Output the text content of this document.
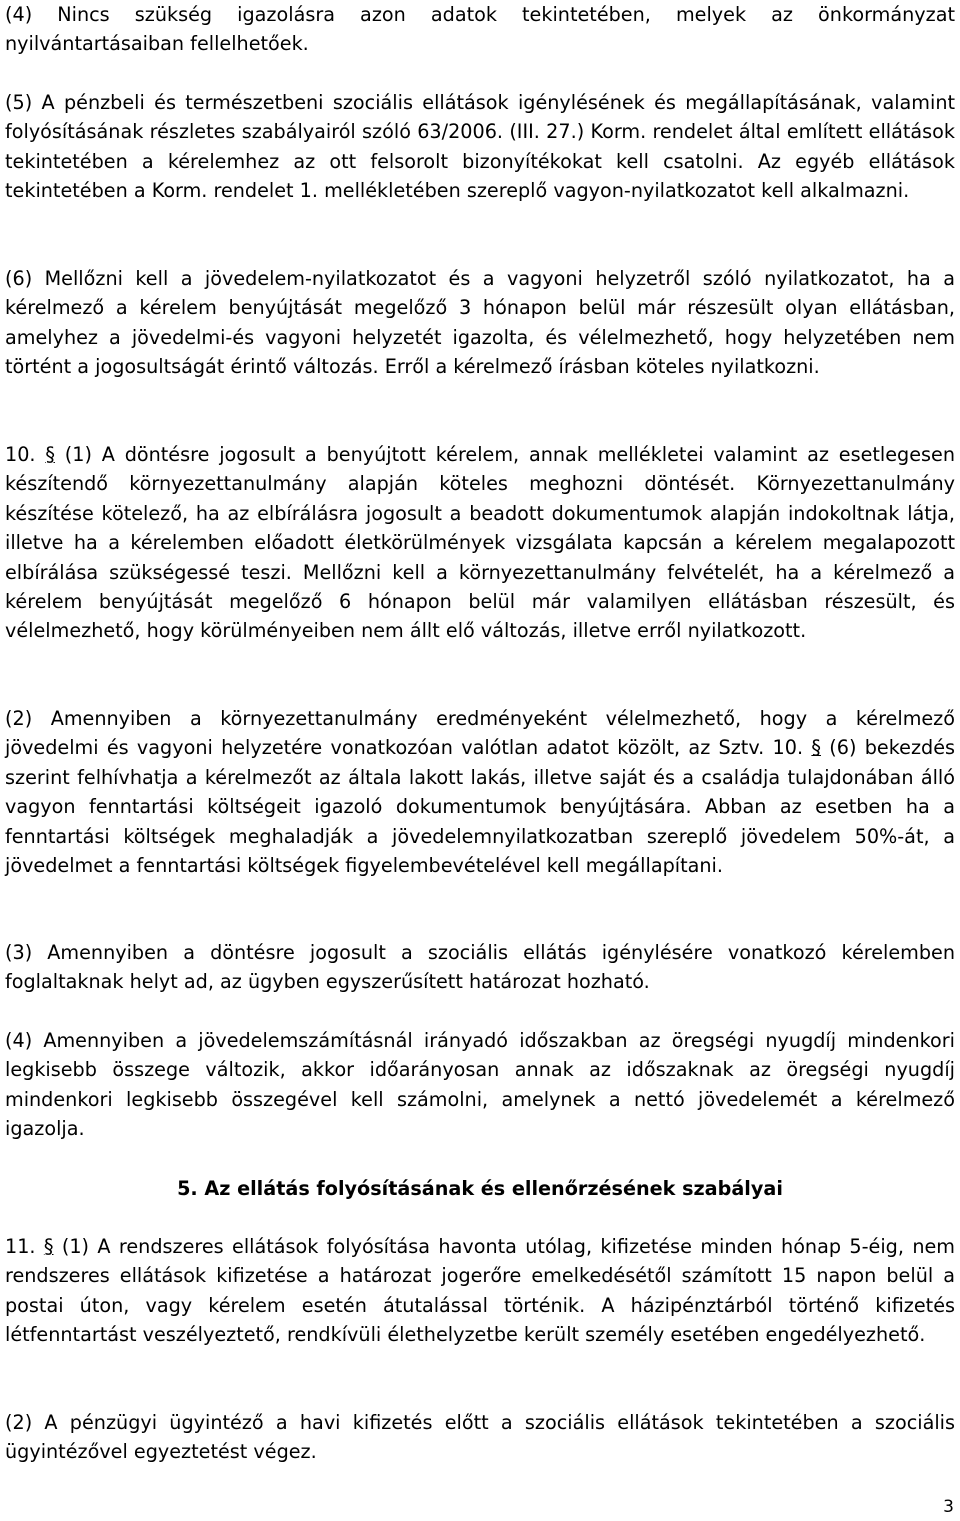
(4) Nincs szükség igazolásra azon adatok tekintetében, melyek az önkormányzat nyilvántartásaiban fellelhetőek.

(5) A pénzbeli és természetbeni szociális ellátások igénylésének és megállapításának, valamint folyósításának részletes szabályairól szóló 63/2006. (III. 27.) Korm. rendelet által említett ellátások tekintetében a kérelemhez az ott felsorolt bizonyítékokat kell csatolni. Az egyéb ellátások tekintetében a Korm. rendelet 1. mellékletében szereplő vagyon-nyilatkozatot kell alkalmazni.

(6) Mellőzni kell a jövedelem-nyilatkozatot és a vagyoni helyzetről szóló nyilatkozatot, ha a kérelmező a kérelem benyújtását megelőző 3 hónapon belül már részesült olyan ellátásban, amelyhez a jövedelmi-és vagyoni helyzetét igazolta, és vélelmezhető, hogy helyzetében nem történt a jogosultságát érintő változás. Erről a kérelmező írásban köteles nyilatkozni.

10. § (1) A döntésre jogosult a benyújtott kérelem, annak mellékletei valamint az esetlegesen készítendő környezettanulmány alapján köteles meghozni döntését. Környezettanulmány készítése kötelező, ha az elbírálásra jogosult a beadott dokumentumok alapján indokoltnak látja, illetve ha a kérelemben előadott életkörülmények vizsgálata kapcsán a kérelem megalapozott elbírálása szükségessé teszi. Mellőzni kell a környezettanulmány felvételét, ha a kérelmező a kérelem benyújtását megelőző 6 hónapon belül már valamilyen ellátásban részesült, és vélelmezhető, hogy körülményeiben nem állt elő változás, illetve erről nyilatkozott.

(2) Amennyiben a környezettanulmány eredményeként vélelmezhető, hogy a kérelmező jövedelmi és vagyoni helyzetére vonatkozóan valótlan adatot közölt, az Sztv. 10. § (6) bekezdés szerint felhívhatja a kérelmezőt az általa lakott lakás, illetve saját és a családja tulajdonában álló vagyon fenntartási költségeit igazoló dokumentumok benyújtására. Abban az esetben ha a fenntartási költségek meghaladják a jövedelemnyilatkozatban szereplő jövedelem 50%-át, a jövedelmet a fenntartási költségek figyelembevételével kell megállapítani.

(3) Amennyiben a döntésre jogosult a szociális ellátás igénylésére vonatkozó kérelemben foglaltaknak helyt ad, az ügyben egyszerűsített határozat hozható.

(4) Amennyiben a jövedelemszámításnál irányadó időszakban az öregségi nyugdíj mindenkori legkisebb összege változik, akkor időarányosan annak az időszaknak az öregségi nyugdíj mindenkori legkisebb összegével kell számolni, amelynek a nettó jövedelemét a kérelmező igazolja.

5. Az ellátás folyósításának és ellenőrzésének szabályai

11. § (1) A rendszeres ellátások folyósítása havonta utólag, kifizetése minden hónap 5-éig, nem rendszeres ellátások kifizetése a határozat jogerőre emelkedésétől számított 15 napon belül a postai úton, vagy kérelem esetén átutalással történik. A házipénztárból történő kifizetés létfenntartást veszélyeztető, rendkívüli élethelyzetbe került személy esetében engedélyezhető.

(2) A pénzügyi ügyintéző a havi kifizetés előtt a szociális ellátások tekintetében a szociális ügyintézővel egyeztetést végez.

3
